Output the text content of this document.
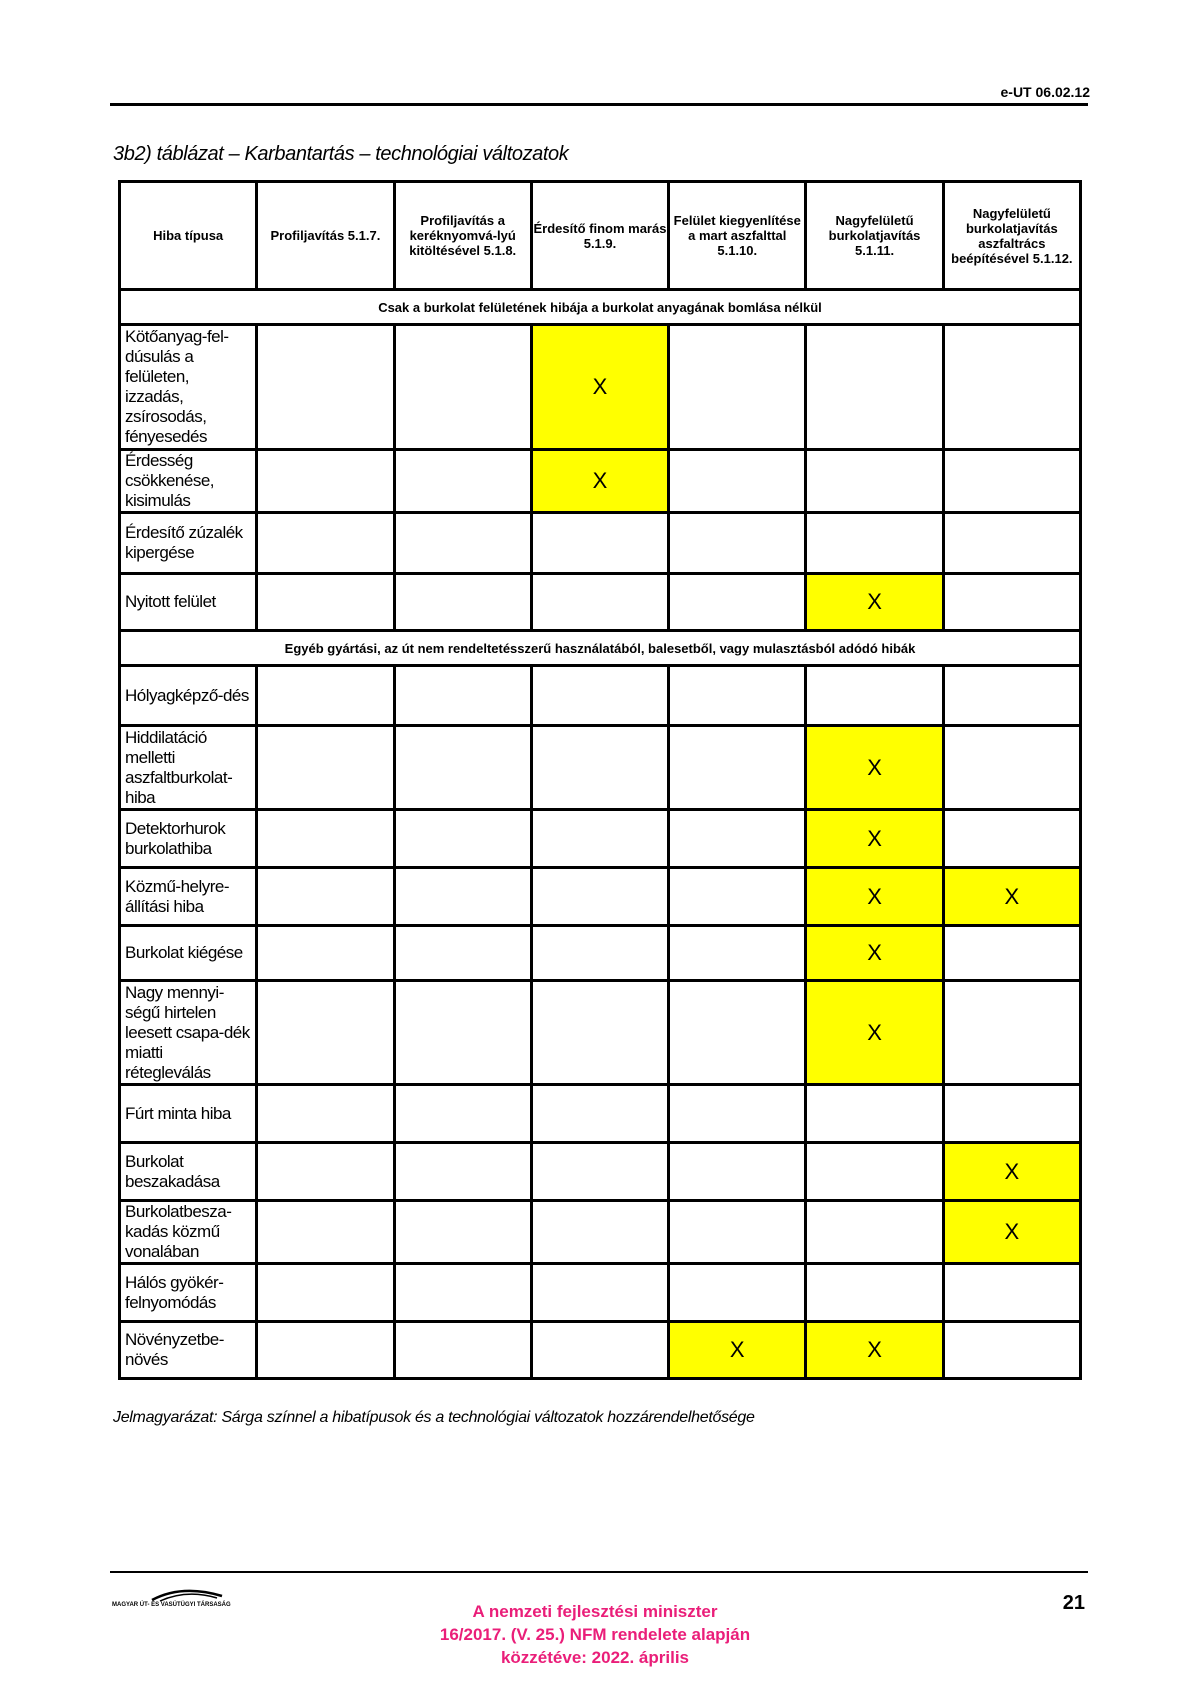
e-UT 06.02.12
3b2) táblázat – Karbantartás – technológiai változatok
Hiba típusa	Profiljavítás 5.1.7.	Profiljavítás a keréknyomvá-lyú kitöltésével 5.1.8.	Érdesítő finom marás 5.1.9.	Felület kiegyenlítése a mart aszfalttal 5.1.10.	Nagyfelületű burkolatjavítás 5.1.11.	Nagyfelületű burkolatjavítás aszfaltrács beépítésével 5.1.12.
Csak a burkolat felületének hibája a burkolat anyagának bomlása nélkül						
Kötőanyag-fel-dúsulás a felületen, izzadás, zsírosodás, fényesedés			X			
Érdesség csökkenése, kisimulás			X			
Érdesítő zúzalék kipergése						
Nyitott felület					X	
Egyéb gyártási, az út nem rendeltetésszerű használatából, balesetből, vagy mulasztásból adódó hibák						
Hólyagképző-dés						
Hiddilatáció melletti aszfaltburkolat-hiba					X	
Detektorhurok burkolathiba					X	
Közmű-helyre-állítási hiba					X	X
Burkolat kiégése					X	
Nagy mennyi-ségű hirtelen leesett csapa-dék miatti rétegleválás					X	
Fúrt minta hiba						
Burkolat beszakadása						X
Burkolatbesza-kadás közmű vonalában						X
Hálós gyökér-felnyomódás						
Növényzetbe-növés				X	X	
Jelmagyarázat: Sárga színnel a hibatípusok és a technológiai változatok hozzárendelhetősége
MAGYAR ÚT- ÉS VASÚTÜGYI TÁRSASÁG	A nemzeti fejlesztési miniszter
16/2017. (V. 25.) NFM rendelete alapján
közzétéve: 2022. április
21
